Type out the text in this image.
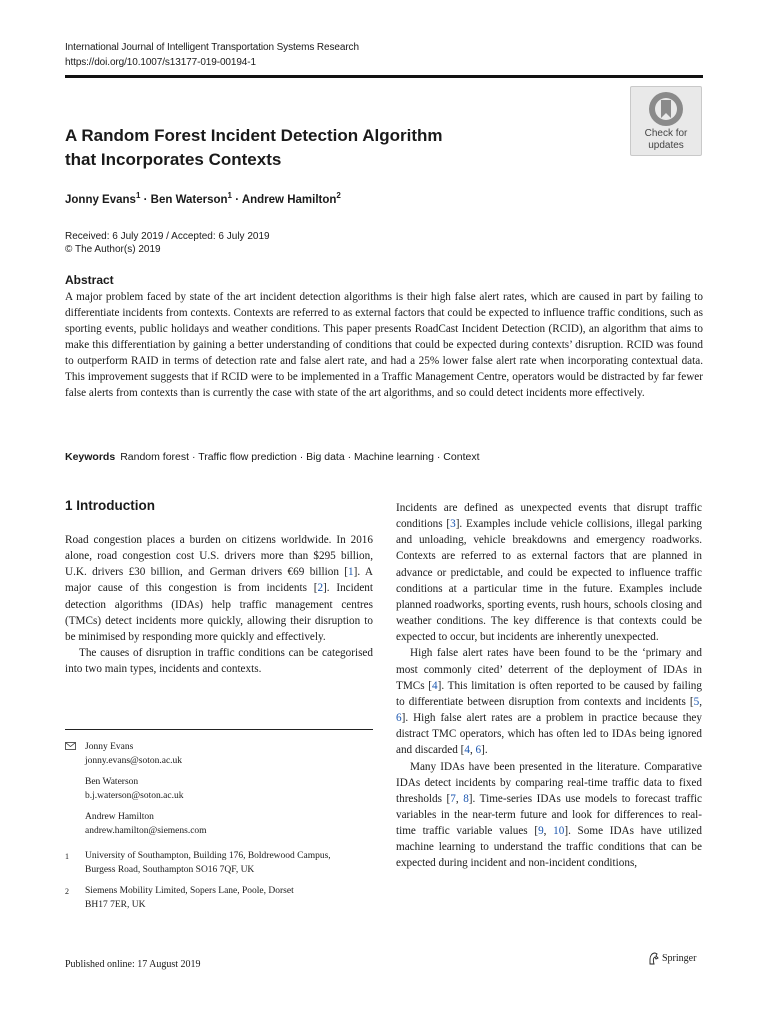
International Journal of Intelligent Transportation Systems Research
https://doi.org/10.1007/s13177-019-00194-1
Check for
updates
A Random Forest Incident Detection Algorithm
that Incorporates Contexts
Jonny Evans$^1$ · Ben Waterson$^1$ · Andrew Hamilton$^2$
Received: 6 July 2019 / Accepted: 6 July 2019
© The Author(s) 2019
Abstract
A major problem faced by state of the art incident detection algorithms is their high false alert rates, which are caused in part by failing to differentiate incidents from contexts. Contexts are referred to as external factors that could be expected to influence traffic conditions, such as sporting events, public holidays and weather conditions. This paper presents RoadCast Incident Detection (RCID), an algorithm that aims to make this differentiation by gaining a better understanding of conditions that could be expected during contexts’ disruption. RCID was found to outperform RAID in terms of detection rate and false alert rate, and had a 25% lower false alert rate when incorporating contextual data. This improvement suggests that if RCID were to be implemented in a Traffic Management Centre, operators would be distracted by far fewer false alerts from contexts than is currently the case with state of the art algorithms, and so could detect incidents more effectively.
Keywords Random forest · Traffic flow prediction · Big data · Machine learning · Context
1 Introduction

Road congestion places a burden on citizens worldwide. In 2016 alone, road congestion cost U.S. drivers more than $295 billion, U.K. drivers £30 billion, and German drivers €69 billion [1]. A major cause of this congestion is from incidents [2]. Incident detection algorithms (IDAs) help traffic management centres (TMCs) detect incidents more quickly, allowing their disruption to be minimised by responding more quickly and effectively.

The causes of disruption in traffic conditions can be categorised into two main types, incidents and contexts.

Incidents are defined as unexpected events that disrupt traffic conditions [3]. Examples include vehicle collisions, illegal parking and unloading, vehicle breakdowns and emergency roadworks. Contexts are referred to as external factors that are planned in advance or predictable, and could be expected to influence traffic conditions at a particular time in the future. Examples include planned roadworks, sporting events, rush hours, schools closing and weather conditions. The key difference is that contexts could be expected to occur, but incidents are inherently unexpected.

High false alert rates have been found to be the ‘primary and most commonly cited’ deterrent of the deployment of IDAs in TMCs [4]. This limitation is often reported to be caused by failing to differentiate between disruption from contexts and incidents [5, 6]. High false alert rates are a problem in practice because they distract TMC operators, which has often led to IDAs being ignored and discarded [4, 6].

Many IDAs have been presented in the literature. Comparative IDAs detect incidents by comparing real-time traffic data to fixed thresholds [7, 8]. Time-series IDAs use models to forecast traffic variables in the near-term future and look for differences to real-time traffic variable values [9, 10]. Some IDAs have utilized machine learning to understand the traffic conditions that can be expected during incident and non-incident conditions,

Jonny Evans
jonny.evans@soton.ac.uk
Ben Waterson
b.j.waterson@soton.ac.uk
Andrew Hamilton
andrew.hamilton@siemens.com
1 University of Southampton, Building 176, Boldrewood Campus,
Burgess Road, Southampton SO16 7QF, UK
2 Siemens Mobility Limited, Sopers Lane, Poole, Dorset
BH17 7ER, UK
Published online: 17 August 2019
Springer
